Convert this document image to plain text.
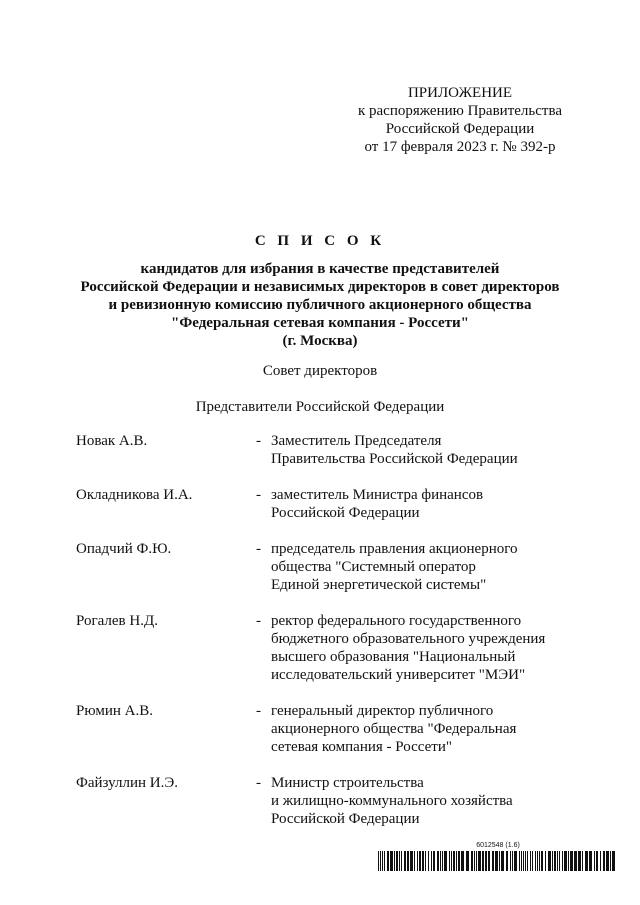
ПРИЛОЖЕНИЕ
к распоряжению Правительства
Российской Федерации
от 17 февраля 2023 г. № 392-р
С П И С О К
кандидатов для избрания в качестве представителей
Российской Федерации и независимых директоров в совет директоров
и ревизионную комиссию публичного акционерного общества
"Федеральная сетевая компания - Россети"
(г. Москва)
Совет директоров
Представители Российской Федерации
Новак А.В.	- Заместитель Председателя
Правительства Российской Федерации
Окладникова И.А.	- заместитель Министра финансов
Российской Федерации
Опадчий Ф.Ю.	- председатель правления акционерного
общества "Системный оператор
Единой энергетической системы"
Рогалев Н.Д.	- ректор федерального государственного
бюджетного образовательного учреждения
высшего образования "Национальный
исследовательский университет "МЭИ"
Рюмин А.В.	- генеральный директор публичного
акционерного общества "Федеральная
сетевая компания - Россети"
Файзуллин И.Э.	- Министр строительства
и жилищно-коммунального хозяйства
Российской Федерации
6012548 (1.6)
